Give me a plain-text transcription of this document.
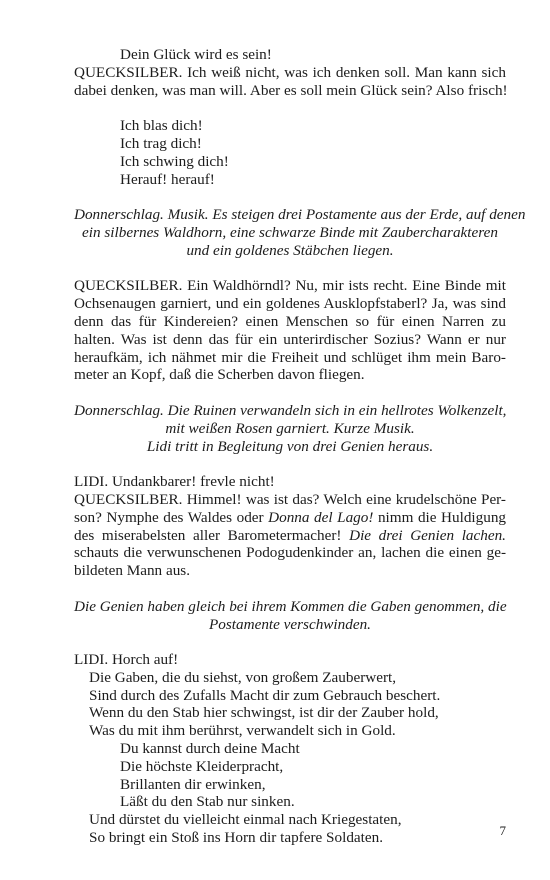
Dein Glück wird es sein!
QUECKSILBER. Ich weiß nicht, was ich denken soll. Man kann sich
dabei denken, was man will. Aber es soll mein Glück sein? Also frisch!
Ich blas dich!
Ich trag dich!
Ich schwing dich!
Herauf! herauf!
Donnerschlag. Musik. Es steigen drei Postamente aus der Erde, auf denen
ein silbernes Waldhorn, eine schwarze Binde mit Zaubercharakteren
und ein goldenes Stäbchen liegen.
QUECKSILBER. Ein Waldhörndl? Nu, mir ists recht. Eine Binde mit
Ochsenaugen garniert, und ein goldenes Ausklopfstaberl? Ja, was sind
denn das für Kindereien? einen Menschen so für einen Narren zu
halten. Was ist denn das für ein unterirdischer Sozius? Wann er nur
heraufkäm, ich nähmet mir die Freiheit und schlüget ihm mein Baro-
meter an Kopf, daß die Scherben davon fliegen.
Donnerschlag. Die Ruinen verwandeln sich in ein hellrotes Wolkenzelt,
mit weißen Rosen garniert. Kurze Musik.
Lidi tritt in Begleitung von drei Genien heraus.
LIDI. Undankbarer! frevle nicht!
QUECKSILBER. Himmel! was ist das? Welch eine krudelschöne Per-
son? Nymphe des Waldes oder Donna del Lago! nimm die Huldigung
des miserabelsten aller Barometermacher! Die drei Genien lachen.
schauts die verwunschenen Podogudenkinder an, lachen die einen ge-
bildeten Mann aus.
Die Genien haben gleich bei ihrem Kommen die Gaben genommen, die
Postamente verschwinden.
LIDI. Horch auf!
Die Gaben, die du siehst, von großem Zauberwert,
Sind durch des Zufalls Macht dir zum Gebrauch beschert.
Wenn du den Stab hier schwingst, ist dir der Zauber hold,
Was du mit ihm berührst, verwandelt sich in Gold.
Du kannst durch deine Macht
Die höchste Kleiderpracht,
Brillanten dir erwinken,
Läßt du den Stab nur sinken.
Und dürstet du vielleicht einmal nach Kriegestaten,
So bringt ein Stoß ins Horn dir tapfere Soldaten.	7
